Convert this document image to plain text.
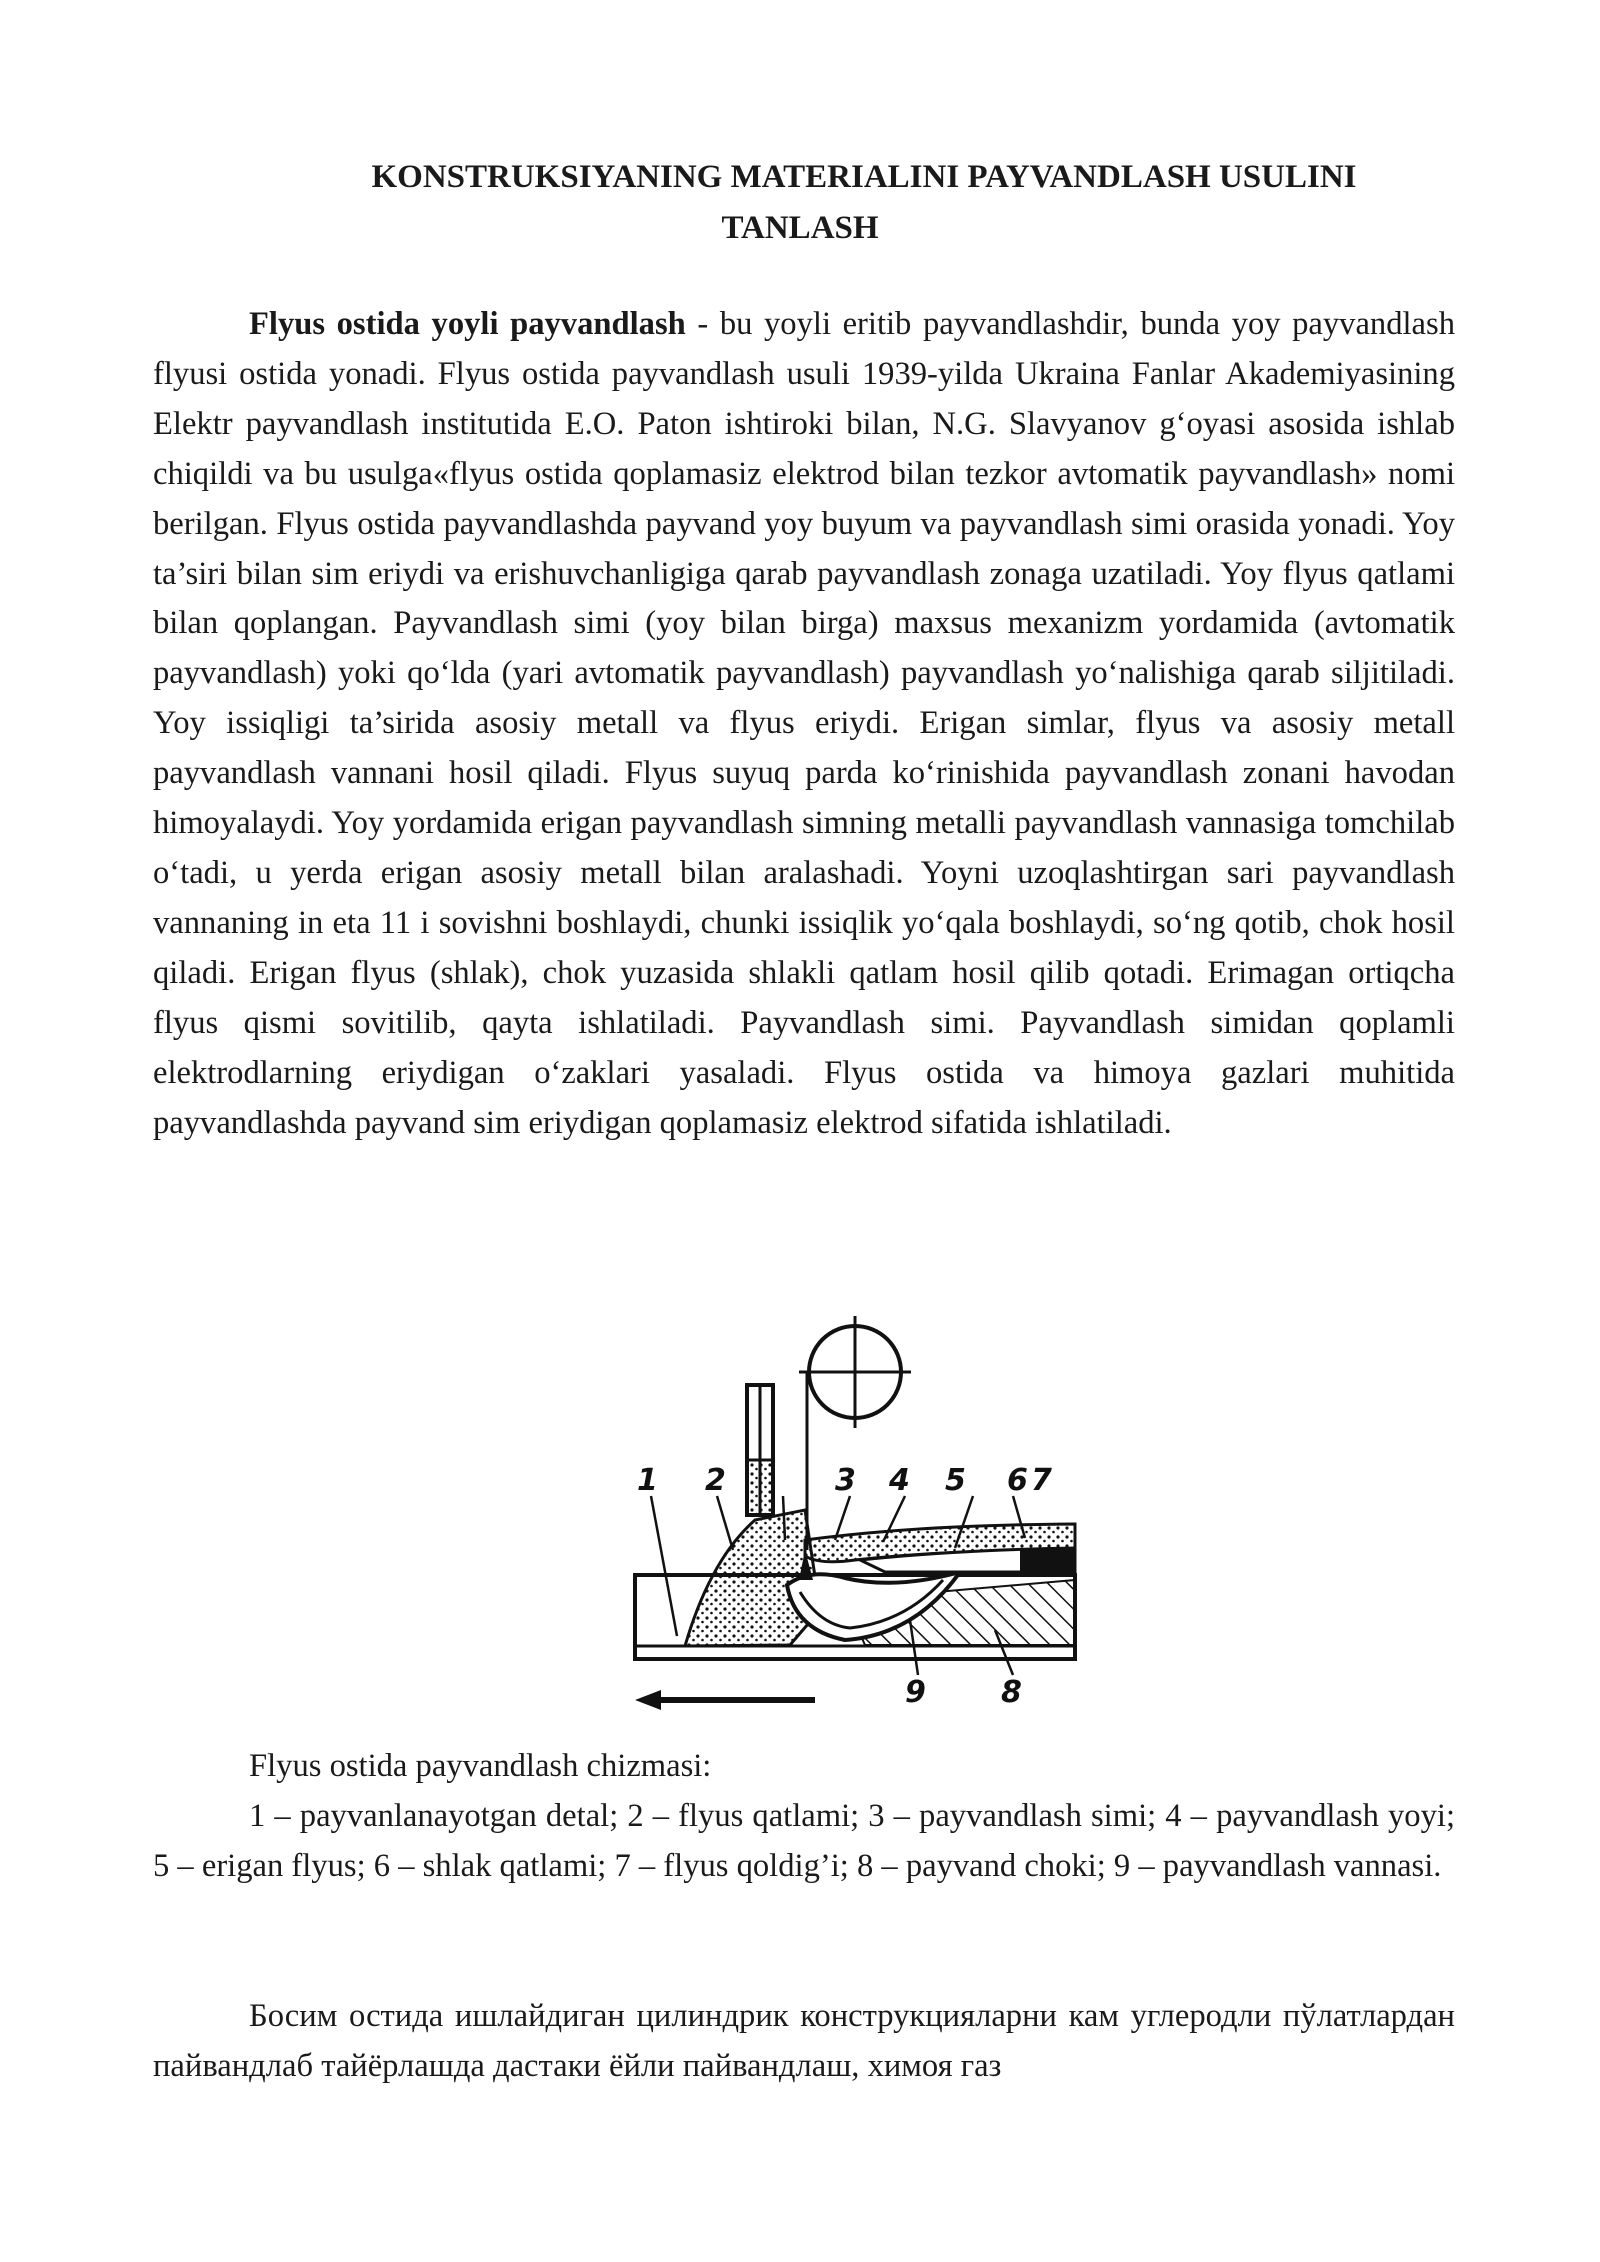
KONSTRUKSIYANING MATERIALINI PAYVANDLASH USULINI
TANLASH
Flyus ostida yoyli payvandlash - bu yoyli eritib payvandlashdir, bunda yoy payvandlash flyusi ostida yonadi. Flyus ostida payvandlash usuli 1939-yilda Ukraina Fanlar Akademiyasining Elektr payvandlash institutida E.O. Paton ishtiroki bilan, N.G. Slavyanov g‘oyasi asosida ishlab chiqildi va bu usulga«flyus ostida qoplamasiz elektrod bilan tezkor avtomatik payvandlash» nomi berilgan. Flyus ostida payvandlashda payvand yoy buyum va payvandlash simi orasida yonadi. Yoy ta’siri bilan sim eriydi va erishuvchanligiga qarab payvandlash zonaga uzatiladi. Yoy flyus qatlami bilan qoplangan. Payvandlash simi (yoy bilan birga) maxsus mexanizm yordamida (avtomatik payvandlash) yoki qo‘lda (yari avtomatik payvandlash) payvandlash yo‘nalishiga qarab siljitiladi. Yoy issiqligi ta’sirida asosiy metall va flyus eriydi. Erigan simlar, flyus va asosiy metall payvandlash vannani hosil qiladi. Flyus suyuq parda ko‘rinishida payvandlash zonani havodan himoyalaydi. Yoy yordamida erigan payvandlash simning metalli payvandlash vannasiga tomchilab o‘tadi, u yerda erigan asosiy metall bilan aralashadi. Yoyni uzoqlashtirgan sari payvandlash vannaning in eta 11 i sovishni boshlaydi, chunki issiqlik yo‘qala boshlaydi, so‘ng qotib, chok hosil qiladi. Erigan flyus (shlak), chok yuzasida shlakli qatlam hosil qilib qotadi. Erimagan ortiqcha flyus qismi sovitilib, qayta ishlatiladi. Payvandlash simi. Payvandlash simidan qoplamli elektrodlarning eriydigan o‘zaklari yasaladi. Flyus ostida va himoya gazlari muhitida payvandlashda payvand sim eriydigan qoplamasiz elektrod sifatida ishlatiladi.
1 2	3 4 5 6 7
9	8
Flyus ostida payvandlash chizmasi:
1 – payvanlanayotgan detal; 2 – flyus qatlami; 3 – payvandlash simi; 4 – payvandlash yoyi; 5 – erigan flyus; 6 – shlak qatlami; 7 – flyus qoldig’i; 8 – payvand choki; 9 – payvandlash vannasi.
Босим остида ишлайдиган цилиндрик конструкцияларни кам углеродли пўлатлардан пайвандлаб тайёрлашда дастаки ёйли пайвандлаш, химоя газ
